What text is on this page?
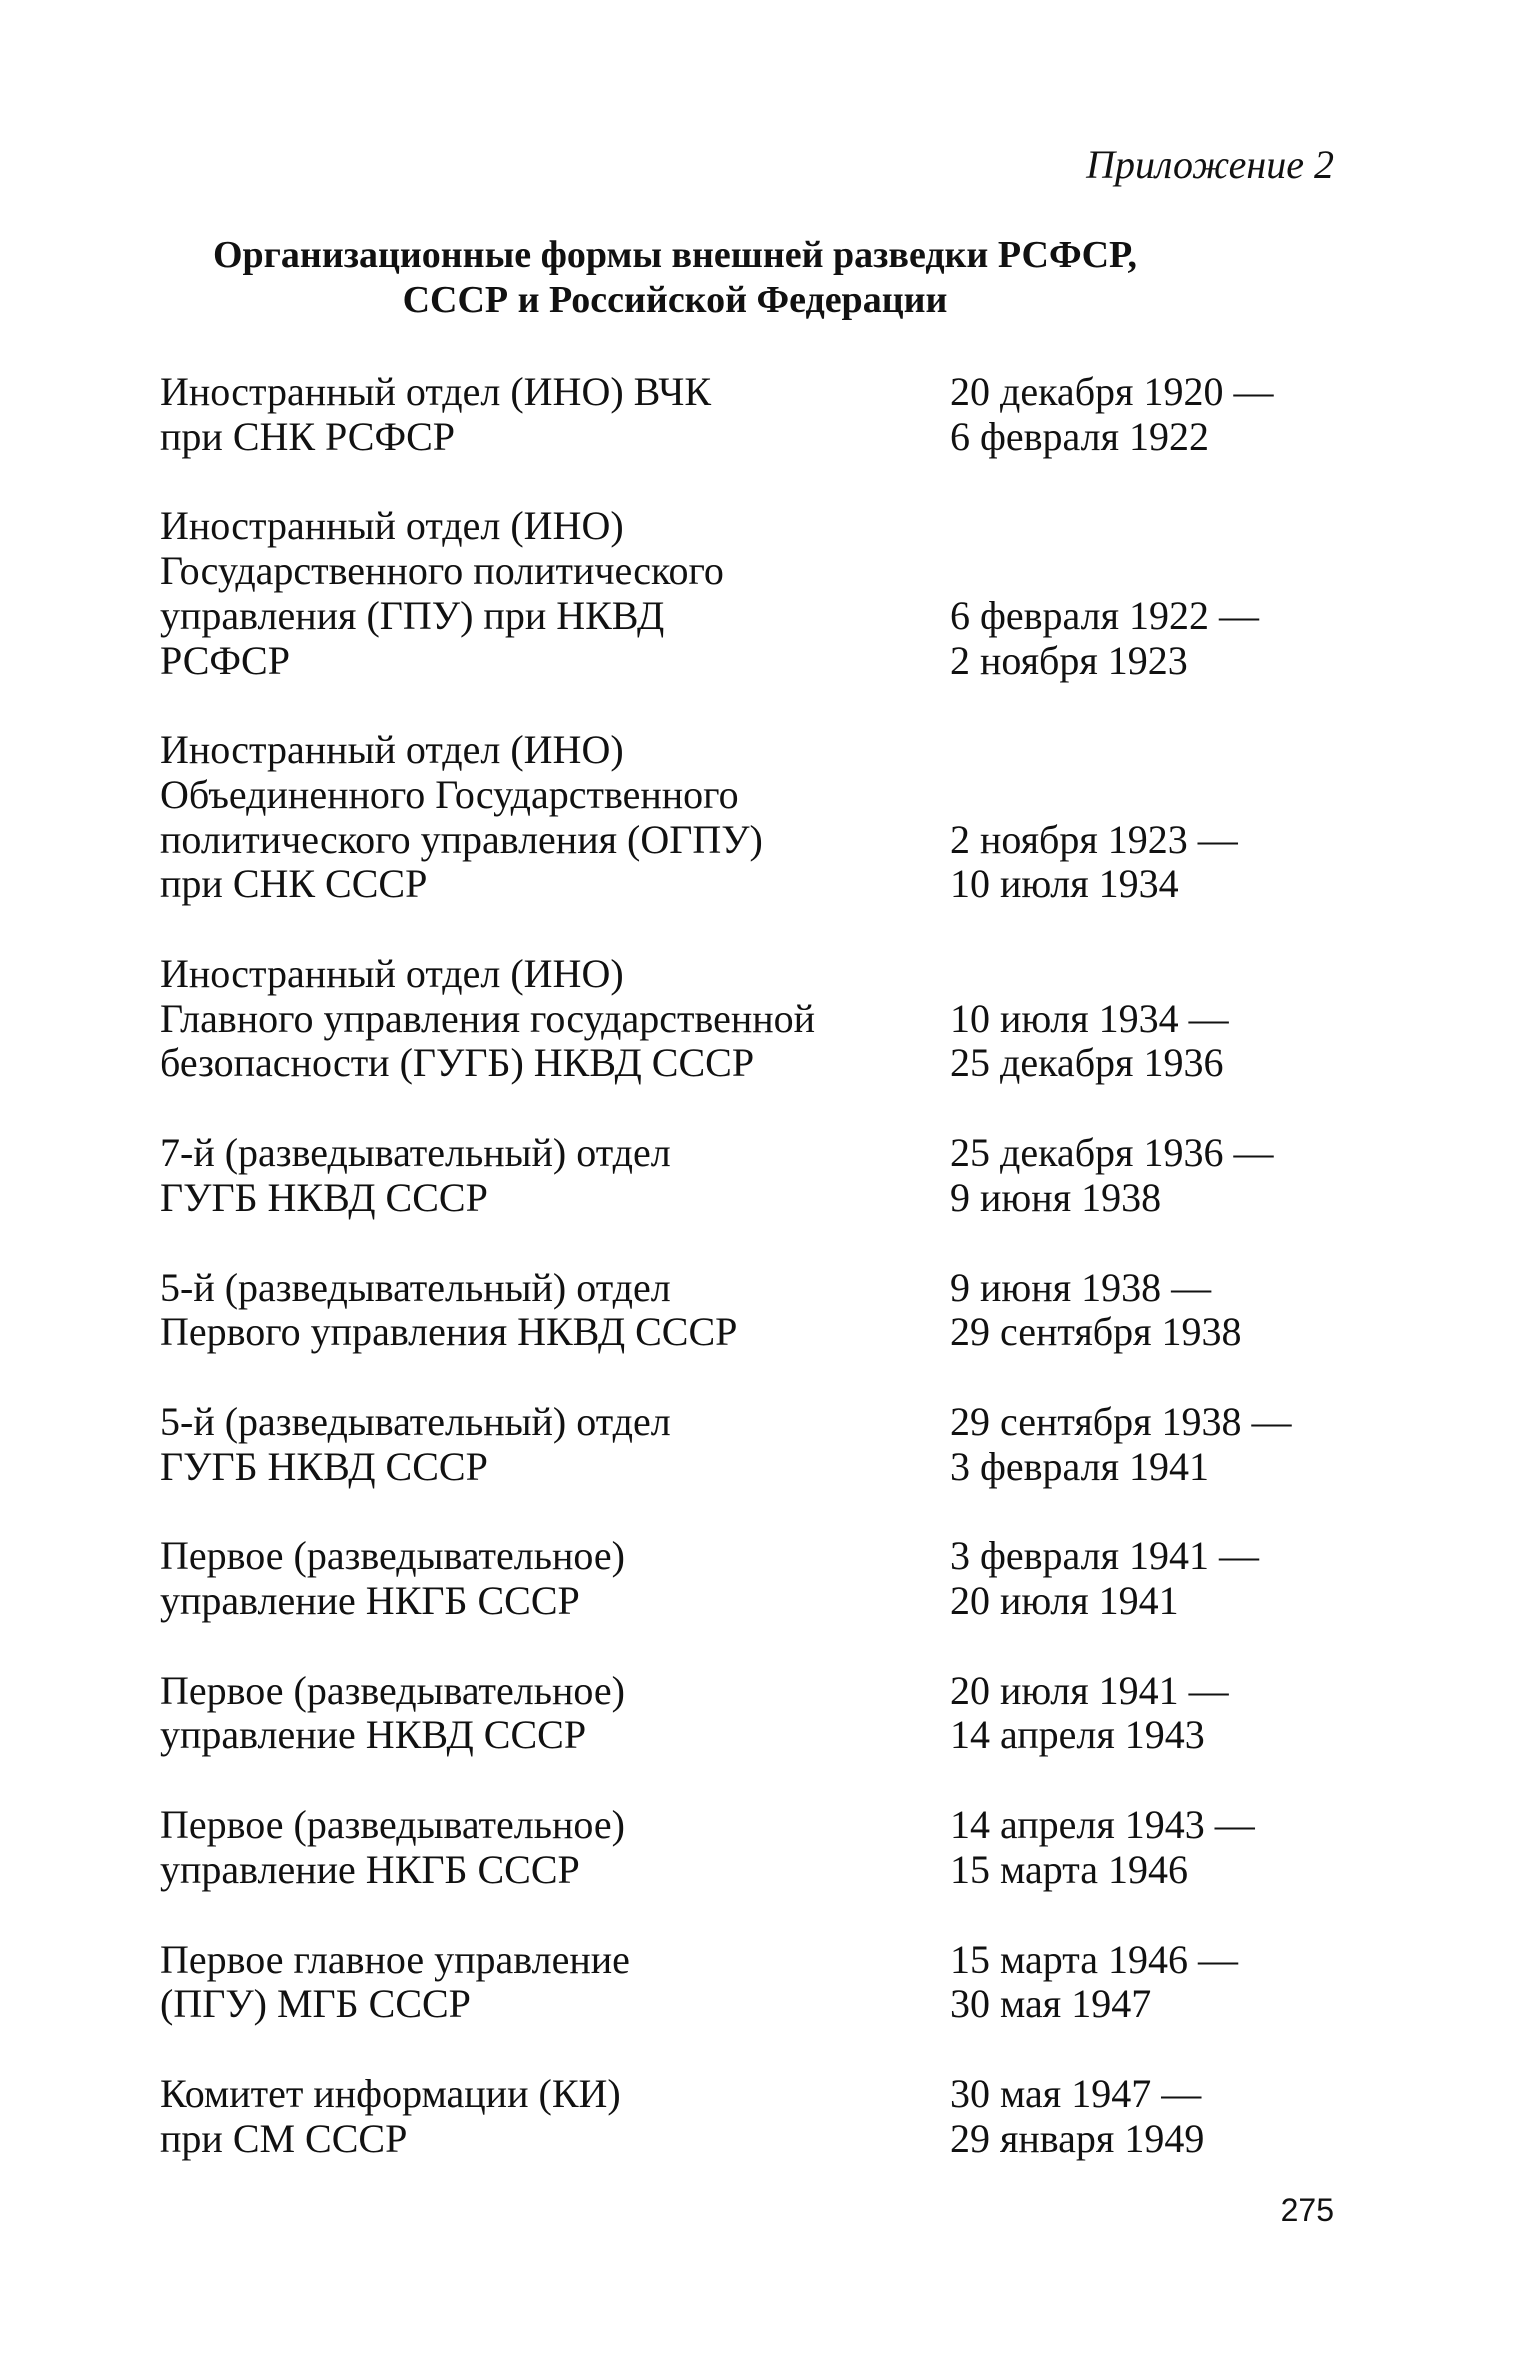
Приложение 2
Организационные формы внешней разведки РСФСР,
СССР и Российской Федерации
Иностранный отдел (ИНО) ВЧК
при СНК РСФСР
20 декабря 1920 —
6 февраля 1922
Иностранный отдел (ИНО)
Государственного политического
управления (ГПУ) при НКВД
РСФСР
6 февраля 1922 —
2 ноября 1923
Иностранный отдел (ИНО)
Объединенного Государственного
политического управления (ОГПУ)
при СНК СССР
2 ноября 1923 —
10 июля 1934
Иностранный отдел (ИНО)
Главного управления государственной
безопасности (ГУГБ) НКВД СССР
10 июля 1934 —
25 декабря 1936
7-й (разведывательный) отдел
ГУГБ НКВД СССР
25 декабря 1936 —
9 июня 1938
5-й (разведывательный) отдел
Первого управления НКВД СССР
9 июня 1938 —
29 сентября 1938
5-й (разведывательный) отдел
ГУГБ НКВД СССР
29 сентября 1938 —
3 февраля 1941
Первое (разведывательное)
управление НКГБ СССР
3 февраля 1941 —
20 июля 1941
Первое (разведывательное)
управление НКВД СССР
20 июля 1941 —
14 апреля 1943
Первое (разведывательное)
управление НКГБ СССР
14 апреля 1943 —
15 марта 1946
Первое главное управление
(ПГУ) МГБ СССР
15 марта 1946 —
30 мая 1947
Комитет информации (КИ)
при СМ СССР
30 мая 1947 —
29 января 1949
275
